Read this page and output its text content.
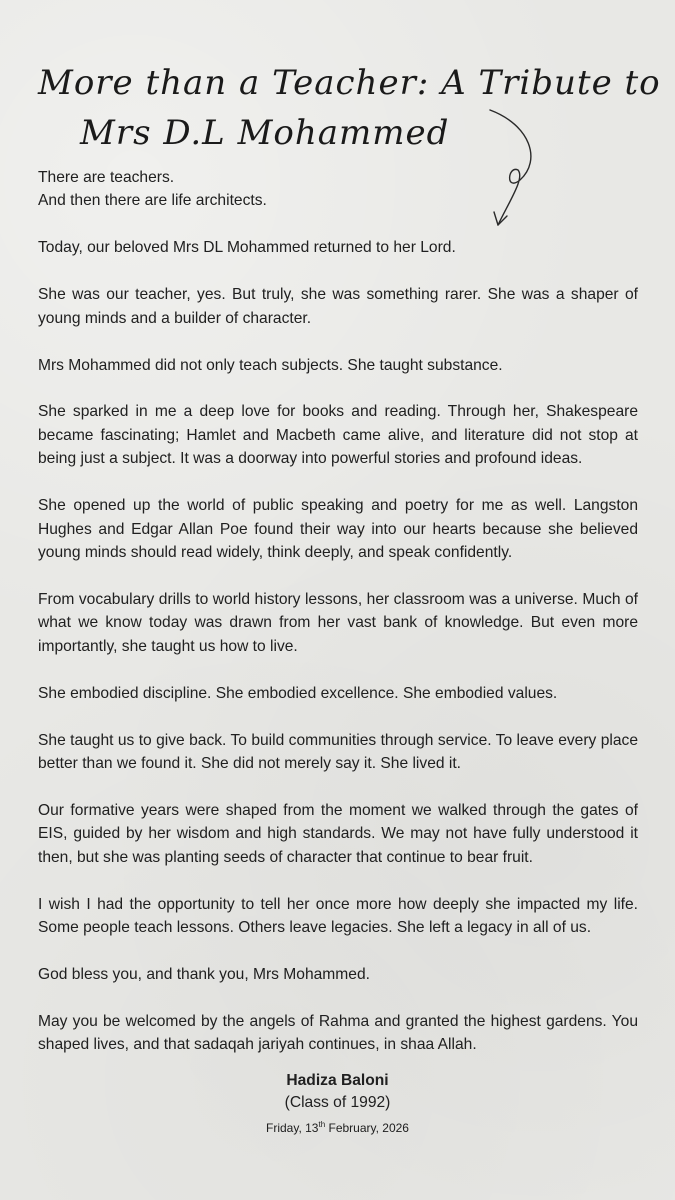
More than a Teacher: A Tribute to
Mrs D.L Mohammed

There are teachers.
And then there are life architects.

Today, our beloved Mrs DL Mohammed returned to her Lord.

She was our teacher, yes. But truly, she was something rarer. She was a shaper of young minds and a builder of character.

Mrs Mohammed did not only teach subjects. She taught substance.

She sparked in me a deep love for books and reading. Through her, Shakespeare became fascinating; Hamlet and Macbeth came alive, and literature did not stop at being just a subject. It was a doorway into powerful stories and profound ideas.

She opened up the world of public speaking and poetry for me as well. Langston Hughes and Edgar Allan Poe found their way into our hearts because she believed young minds should read widely, think deeply, and speak confidently.

From vocabulary drills to world history lessons, her classroom was a universe. Much of what we know today was drawn from her vast bank of knowledge. But even more importantly, she taught us how to live.

She embodied discipline. She embodied excellence. She embodied values.

She taught us to give back. To build communities through service. To leave every place better than we found it. She did not merely say it. She lived it.

Our formative years were shaped from the moment we walked through the gates of EIS, guided by her wisdom and high standards. We may not have fully understood it then, but she was planting seeds of character that continue to bear fruit.

I wish I had the opportunity to tell her once more how deeply she impacted my life. Some people teach lessons. Others leave legacies. She left a legacy in all of us.

God bless you, and thank you, Mrs Mohammed.

May you be welcomed by the angels of Rahma and granted the highest gardens. You shaped lives, and that sadaqah jariyah continues, in shaa Allah.

Hadiza Baloni
(Class of 1992)
Friday, 13th February, 2026
